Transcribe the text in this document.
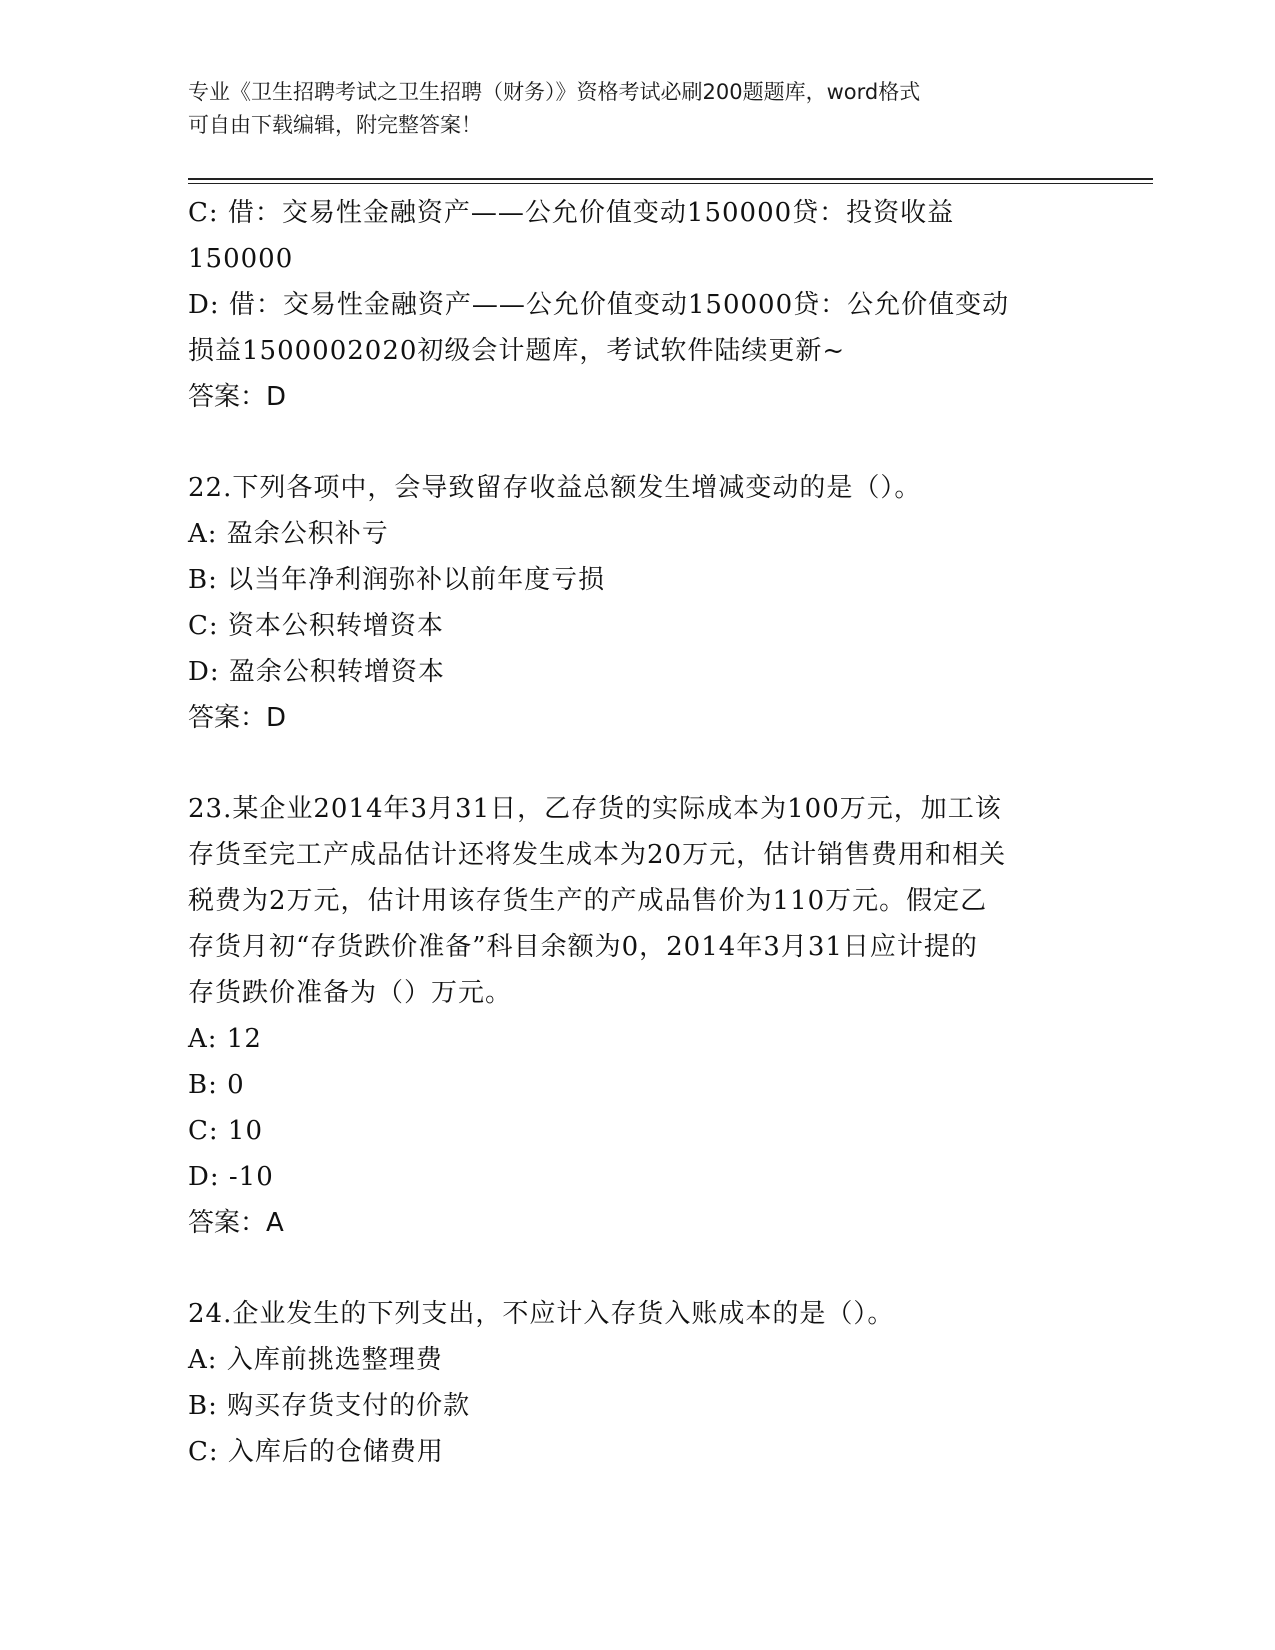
专业《卫生招聘考试之卫生招聘（财务）》资格考试必刷200题题库，word格式
可自由下载编辑，附完整答案！
C: 借：交易性金融资产——公允价值变动150000贷：投资收益
150000
D: 借：交易性金融资产——公允价值变动150000贷：公允价值变动
损益1500002020初级会计题库，考试软件陆续更新~
答案：D
22.下列各项中，会导致留存收益总额发生增减变动的是（）。
A: 盈余公积补亏
B: 以当年净利润弥补以前年度亏损
C: 资本公积转增资本
D: 盈余公积转增资本
答案：D
23.某企业2014年3月31日，乙存货的实际成本为100万元，加工该
存货至完工产成品估计还将发生成本为20万元，估计销售费用和相关
税费为2万元，估计用该存货生产的产成品售价为110万元。假定乙
存货月初“存货跌价准备”科目余额为0，2014年3月31日应计提的
存货跌价准备为（）万元。
A: 12
B: 0
C: 10
D: -10
答案：A
24.企业发生的下列支出，不应计入存货入账成本的是（）。
A: 入库前挑选整理费
B: 购买存货支付的价款
C: 入库后的仓储费用
